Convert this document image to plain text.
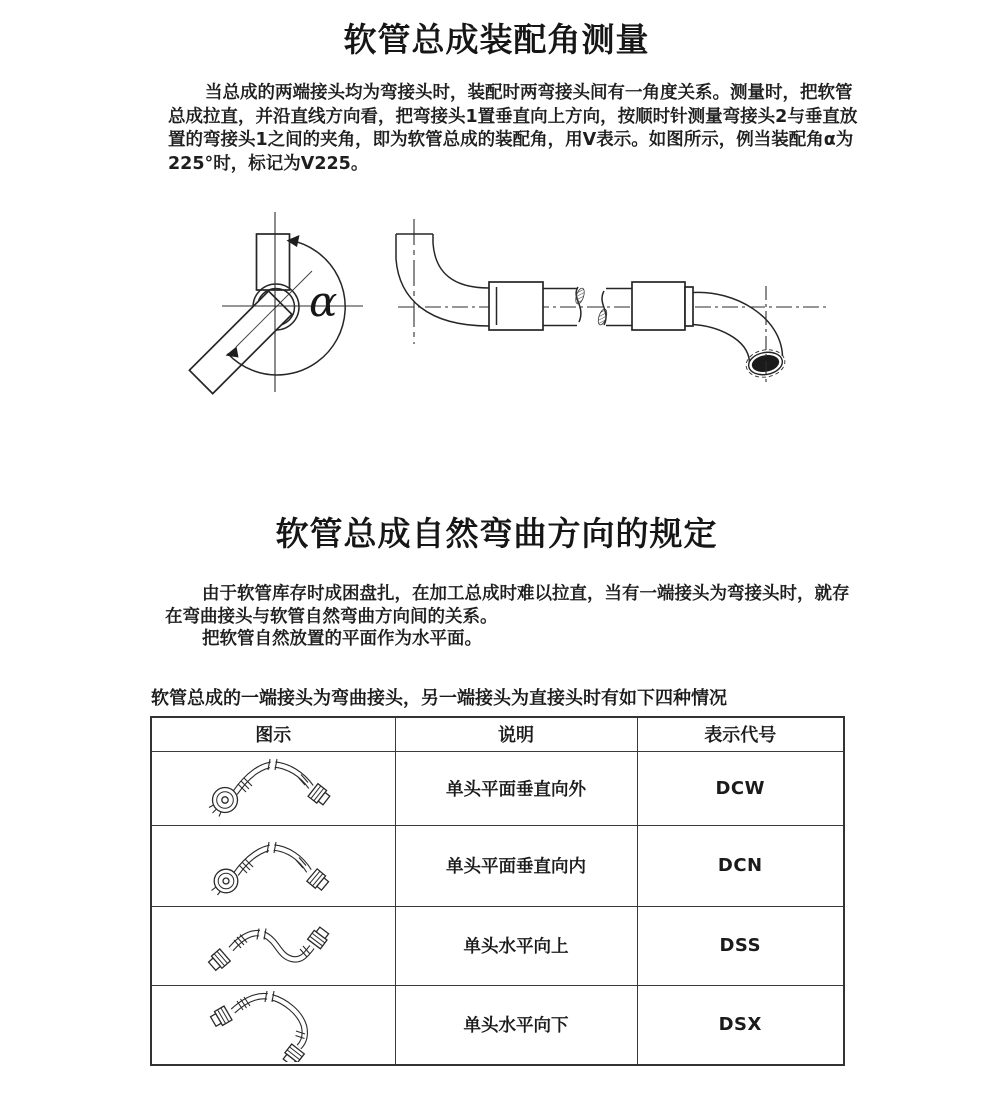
软管总成装配角测量
当总成的两端接头均为弯接头时，装配时两弯接头间有一角度关系。测量时，把软管
总成拉直，并沿直线方向看，把弯接头1置垂直向上方向，按顺时针测量弯接头2与垂直放
置的弯接头1之间的夹角，即为软管总成的装配角，用V表示。如图所示，例当装配角α为
225°时，标记为V225。
α
软管总成自然弯曲方向的规定
由于软管库存时成困盘扎，在加工总成时难以拉直，当有一端接头为弯接头时，就存
在弯曲接头与软管自然弯曲方向间的关系。
把软管自然放置的平面作为水平面。
软管总成的一端接头为弯曲接头，另一端接头为直接头时有如下四种情况
图示	说明	表示代号

	单头平面垂直向外	DCW

	单头平面垂直向内	DCN

	单头水平向上	DSS

	单头水平向下	DSX
